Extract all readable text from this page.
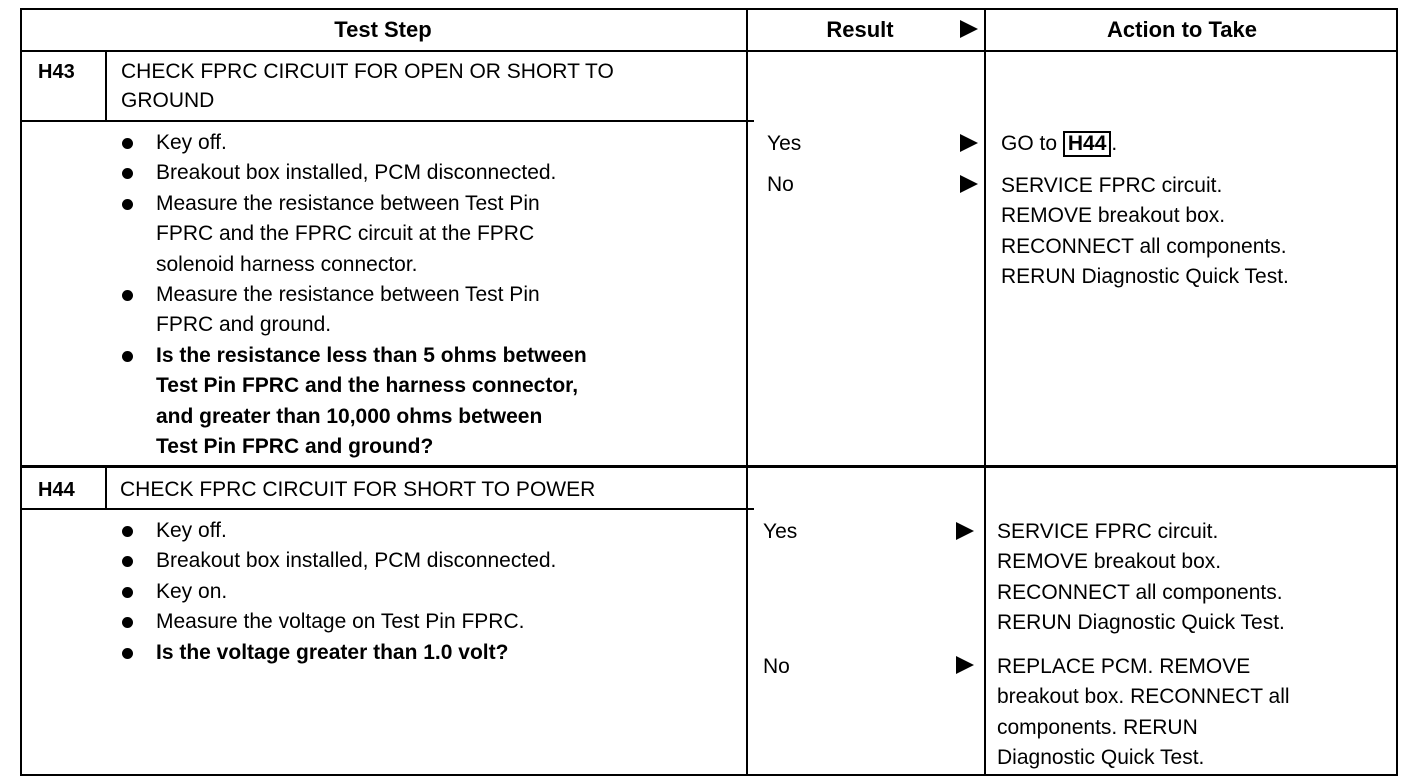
Test Step	Result	Action to Take
H43 CHECK FPRC CIRCUIT FOR OPEN OR SHORT TO
GROUND
Key off.
Breakout box installed, PCM disconnected.
Measure the resistance between Test Pin
FPRC and the FPRC circuit at the FPRC
solenoid harness connector.
Measure the resistance between Test Pin
FPRC and ground.
Is the resistance less than 5 ohms between
Test Pin FPRC and the harness connector,
and greater than 10,000 ohms between
Test Pin FPRC and ground?
Yes	GO to H44 .
No	SERVICE FPRC circuit.
REMOVE breakout box.
RECONNECT all components.
RERUN Diagnostic Quick Test.
H44 CHECK FPRC CIRCUIT FOR SHORT TO POWER
Key off.
Breakout box installed, PCM disconnected.
Key on.
Measure the voltage on Test Pin FPRC.
Is the voltage greater than 1.0 volt?
Yes	SERVICE FPRC circuit.
REMOVE breakout box.
RECONNECT all components.
RERUN Diagnostic Quick Test.
No	REPLACE PCM. REMOVE
breakout box. RECONNECT all
components. RERUN
Diagnostic Quick Test.
